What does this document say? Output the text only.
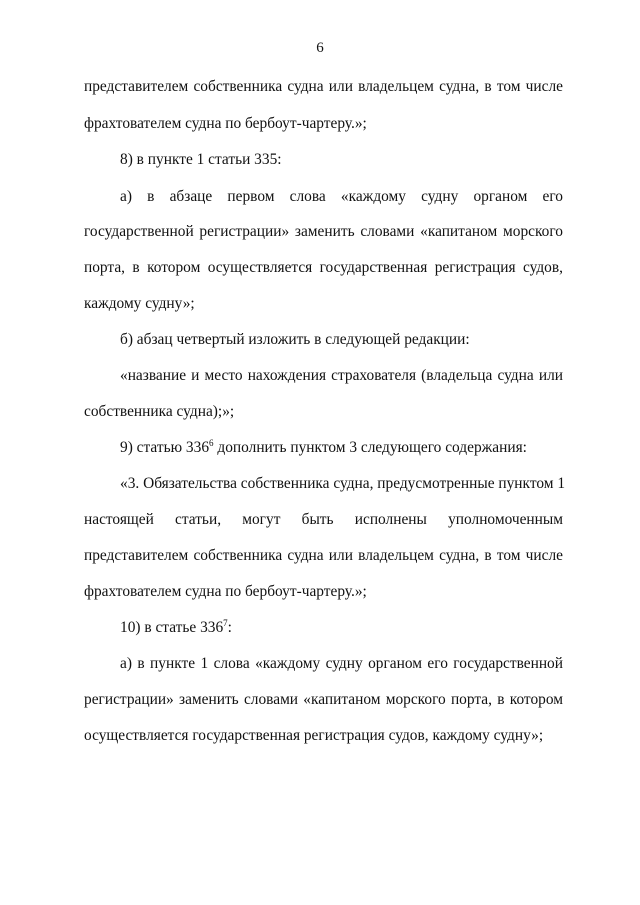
6
представителем собственника судна или владельцем судна, в том числе
фрахтователем судна по бербоут-чартеру.»;
8) в пункте 1 статьи 335:
а) в абзаце первом слова «каждому судну органом его
государственной регистрации» заменить словами «капитаном морского
порта, в котором осуществляется государственная регистрация судов,
каждому судну»;
б) абзац четвертый изложить в следующей редакции:
«название и место нахождения страхователя (владельца судна или
собственника судна);»;
9) статью $336^6$ дополнить пунктом 3 следующего содержания:
«3. Обязательства собственника судна, предусмотренные пунктом 1
настоящей статьи, могут быть исполнены уполномоченным
представителем собственника судна или владельцем судна, в том числе
фрахтователем судна по бербоут-чартеру.»;
10) в статье $336^7$:
а) в пункте 1 слова «каждому судну органом его государственной
регистрации» заменить словами «капитаном морского порта, в котором
осуществляется государственная регистрация судов, каждому судну»;
